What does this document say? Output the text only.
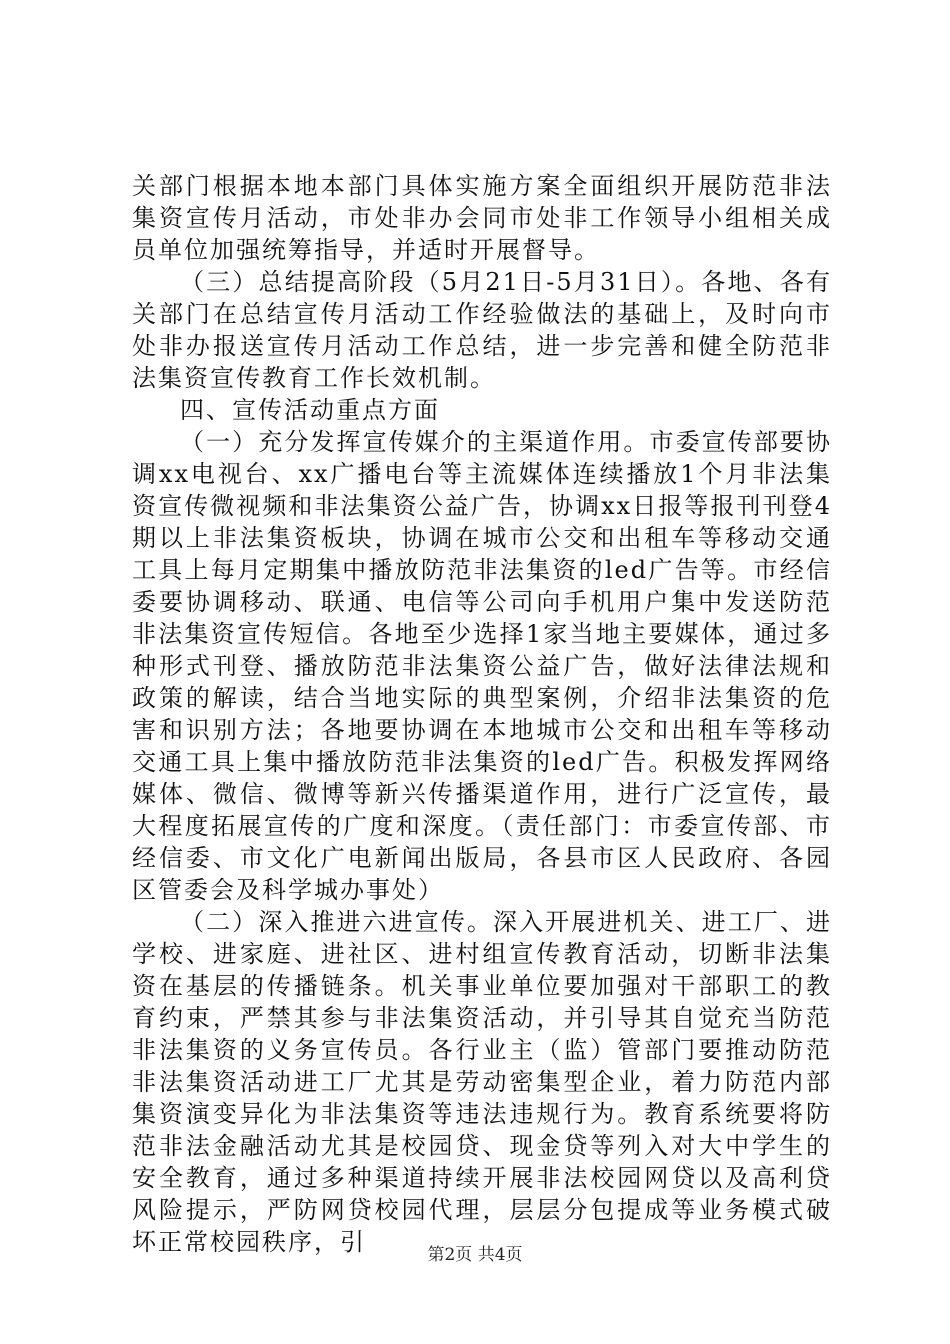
关部门根据本地本部门具体实施方案全面组织开展防范非法集资宣传月活动，市处非办会同市处非工作领导小组相关成员单位加强统筹指导，并适时开展督导。

（三）总结提高阶段（5月21日-5月31日）。各地、各有关部门在总结宣传月活动工作经验做法的基础上，及时向市处非办报送宣传月活动工作总结，进一步完善和健全防范非法集资宣传教育工作长效机制。

四、宣传活动重点方面

（一）充分发挥宣传媒介的主渠道作用。市委宣传部要协调xx电视台、xx广播电台等主流媒体连续播放1个月非法集资宣传微视频和非法集资公益广告，协调xx日报等报刊刊登4期以上非法集资板块，协调在城市公交和出租车等移动交通工具上每月定期集中播放防范非法集资的led广告等。市经信委要协调移动、联通、电信等公司向手机用户集中发送防范非法集资宣传短信。各地至少选择1家当地主要媒体，通过多种形式刊登、播放防范非法集资公益广告，做好法律法规和政策的解读，结合当地实际的典型案例，介绍非法集资的危害和识别方法；各地要协调在本地城市公交和出租车等移动交通工具上集中播放防范非法集资的led广告。积极发挥网络媒体、微信、微博等新兴传播渠道作用，进行广泛宣传，最大程度拓展宣传的广度和深度。（责任部门：市委宣传部、市经信委、市文化广电新闻出版局，各县市区人民政府、各园区管委会及科学城办事处）

（二）深入推进六进宣传。深入开展进机关、进工厂、进学校、进家庭、进社区、进村组宣传教育活动，切断非法集资在基层的传播链条。机关事业单位要加强对干部职工的教育约束，严禁其参与非法集资活动，并引导其自觉充当防范非法集资的义务宣传员。各行业主（监）管部门要推动防范非法集资活动进工厂尤其是劳动密集型企业，着力防范内部集资演变异化为非法集资等违法违规行为。教育系统要将防范非法金融活动尤其是校园贷、现金贷等列入对大中学生的安全教育，通过多种渠道持续开展非法校园网贷以及高利贷风险提示，严防网贷校园代理，层层分包提成等业务模式破坏正常校园秩序，引	第2页 共4页
